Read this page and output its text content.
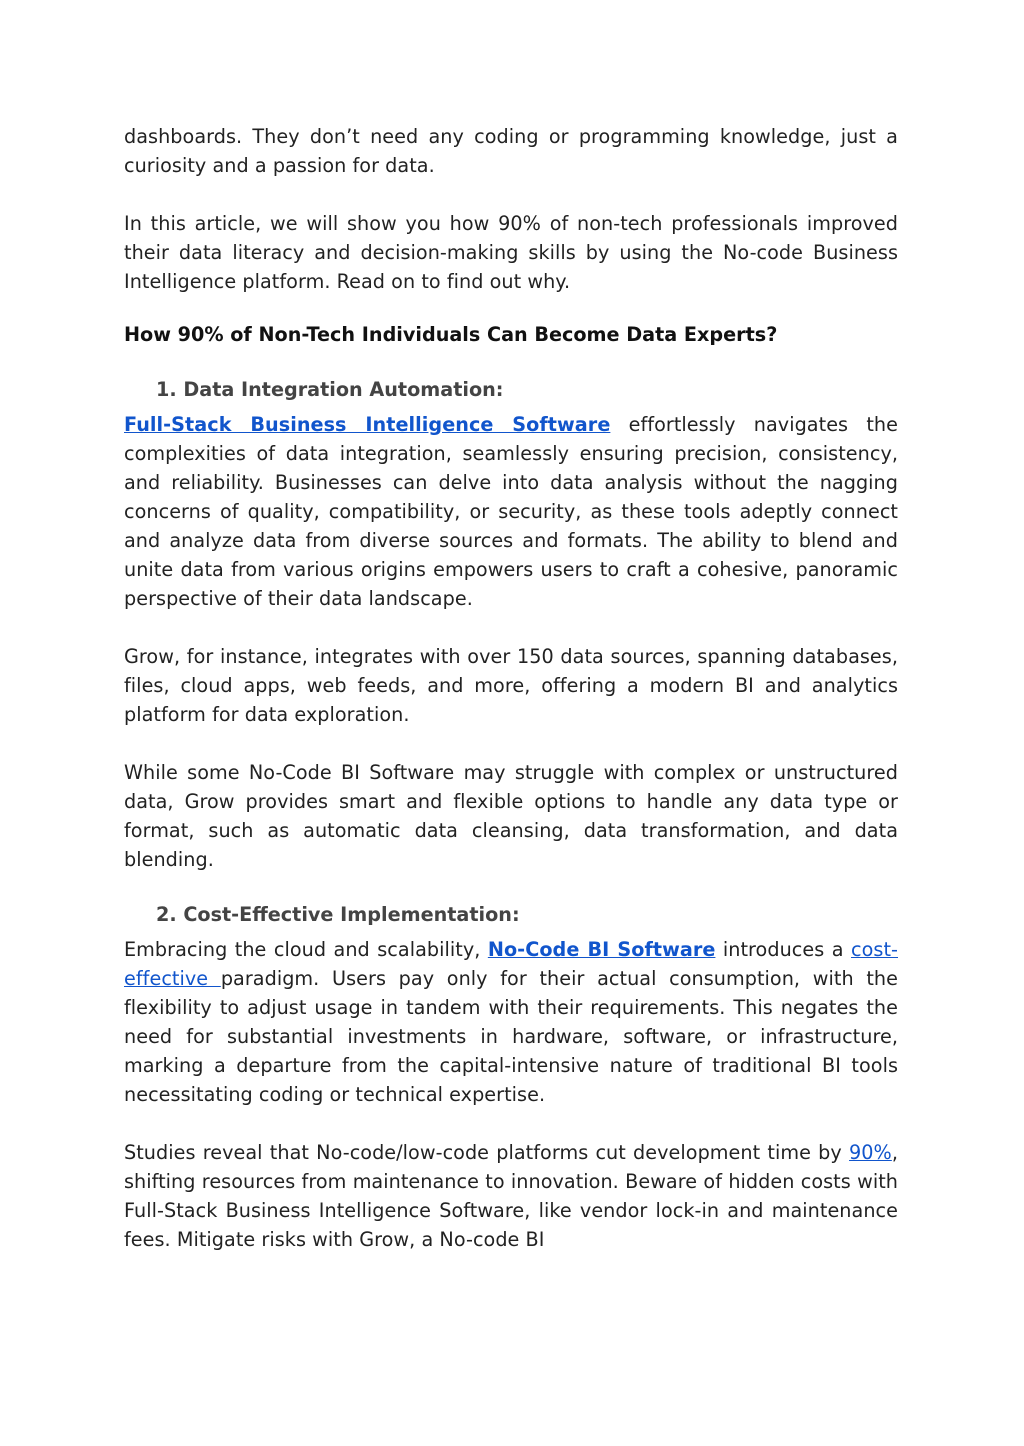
dashboards. They don’t need any coding or programming knowledge, just a curiosity and a passion for data.

In this article, we will show you how 90% of non-tech professionals improved their data literacy and decision-making skills by using the No-code Business Intelligence platform. Read on to find out why.

How 90% of Non-Tech Individuals Can Become Data Experts?
1. Data Integration Automation:

Full-Stack Business Intelligence Software effortlessly navigates the complexities of data integration, seamlessly ensuring precision, consistency, and reliability. Businesses can delve into data analysis without the nagging concerns of quality, compatibility, or security, as these tools adeptly connect and analyze data from diverse sources and formats. The ability to blend and unite data from various origins empowers users to craft a cohesive, panoramic perspective of their data landscape.

Grow, for instance, integrates with over 150 data sources, spanning databases, files, cloud apps, web feeds, and more, offering a modern BI and analytics platform for data exploration.

While some No-Code BI Software may struggle with complex or unstructured data, Grow provides smart and flexible options to handle any data type or format, such as automatic data cleansing, data transformation, and data blending.

2. Cost-Effective Implementation:

Embracing the cloud and scalability, No-Code BI Software introduces a cost-effective paradigm. Users pay only for their actual consumption, with the flexibility to adjust usage in tandem with their requirements. This negates the need for substantial investments in hardware, software, or infrastructure, marking a departure from the capital-intensive nature of traditional BI tools necessitating coding or technical expertise.

Studies reveal that No-code/low-code platforms cut development time by 90%, shifting resources from maintenance to innovation. Beware of hidden costs with Full-Stack Business Intelligence Software, like vendor lock-in and maintenance fees. Mitigate risks with Grow, a No-code BI
